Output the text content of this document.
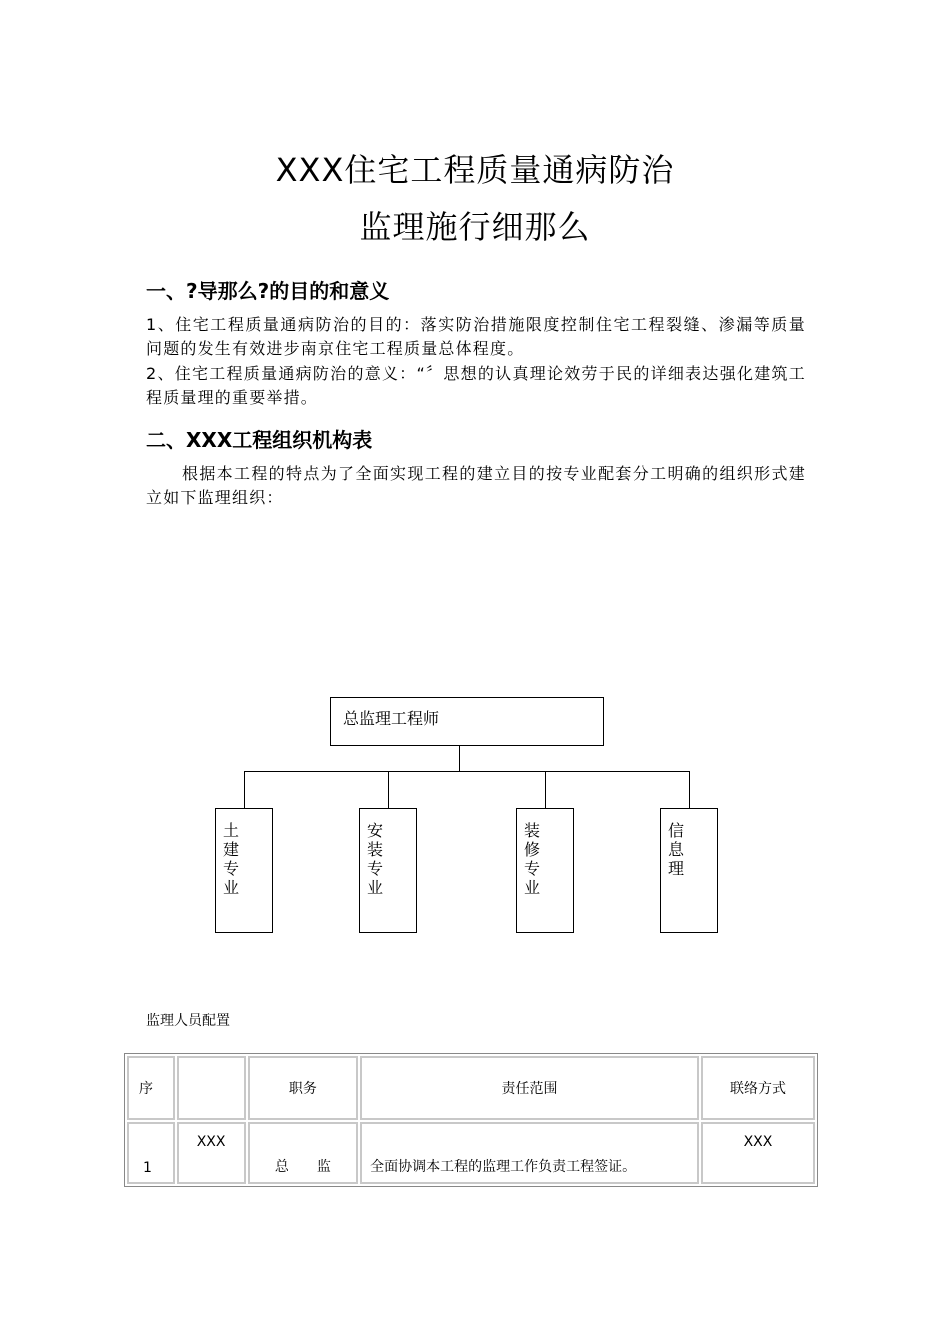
XXX住宅工程质量通病防治
监理施行细那么
一、?导那么?的目的和意义
1、住宅工程质量通病防治的目的：落实防治措施限度控制住宅工程裂缝、渗漏等质量问题的发生有效进步南京住宅工程质量总体程度。
2、住宅工程质量通病防治的意义：“〞思想的认真理论效劳于民的详细表达强化建筑工程质量理的重要举措。
二、XXX工程组织机构表
根据本工程的特点为了全面实现工程的建立目的按专业配套分工明确的组织形式建立如下监理组织：
总监理工程师
土建专业
安装专业
装修专业
信息理
监理人员配置
序		职务	责任范围	联络方式
1	XXX	总　　监	全面协调本工程的监理工作负责工程签证。	XXX
